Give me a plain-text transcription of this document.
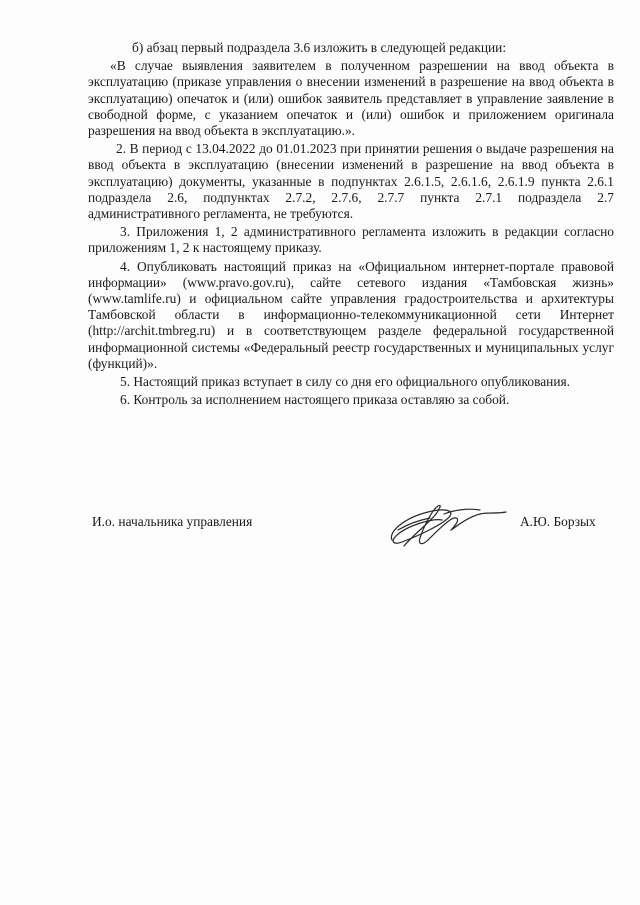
б) абзац первый подраздела 3.6 изложить в следующей редакции:

«В случае выявления заявителем в полученном разрешении на ввод объекта в эксплуатацию (приказе управления о внесении изменений в разрешение на ввод объекта в эксплуатацию) опечаток и (или) ошибок заявитель представляет в управление заявление в свободной форме, с указанием опечаток и (или) ошибок и приложением оригинала разрешения на ввод объекта в эксплуатацию.».

2. В период с 13.04.2022 до 01.01.2023 при принятии решения о выдаче разрешения на ввод объекта в эксплуатацию (внесении изменений в разрешение на ввод объекта в эксплуатацию) документы, указанные в подпунктах 2.6.1.5, 2.6.1.6, 2.6.1.9 пункта 2.6.1 подраздела 2.6, подпунктах 2.7.2, 2.7.6, 2.7.7 пункта 2.7.1 подраздела 2.7 административного регламента, не требуются.

3. Приложения 1, 2 административного регламента изложить в редакции согласно приложениям 1, 2 к настоящему приказу.

4. Опубликовать настоящий приказ на «Официальном интернет-портале правовой информации» (www.pravo.gov.ru), сайте сетевого издания «Тамбовская жизнь» (www.tamlife.ru) и официальном сайте управления градостроительства и архитектуры Тамбовской области в информационно-телекоммуникационной сети Интернет (http://archit.tmbreg.ru) и в соответствующем разделе федеральной государственной информационной системы «Федеральный реестр государственных и муниципальных услуг (функций)».

5. Настоящий приказ вступает в силу со дня его официального опубликования.

6. Контроль за исполнением настоящего приказа оставляю за собой.

И.о. начальника управления	А.Ю. Борзых
